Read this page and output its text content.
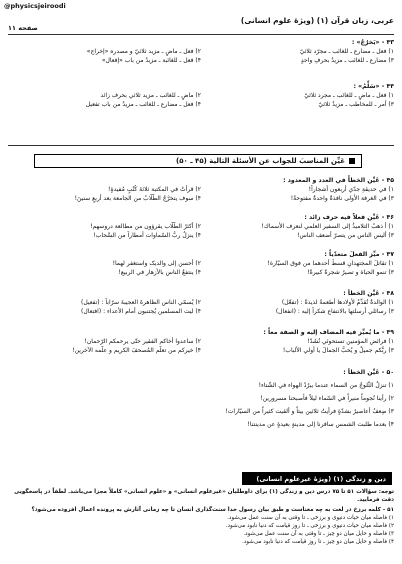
@physicsjeiroodi
عربی، زبان قرآن (۱) (ویژهٔ علوم انسانی)
صفحه ۱۱
۴۳ - «یَخرُجُ» :
۱) فعل ـ مضارع ـ للغائب ـ مجرّد ثلاثيّ
۲) فعل ـ ماضٍ ـ مزید ثلاثيّ و مصدره «إخراج»
۳) مضارع ـ للغائب ـ مزیدٌ بحرفِ واحدٍ
۴) فعل ـ للغائبة ـ مزیدٌ من باب «إفعال»
۴۴ - «سَلِّمْ» :
۱) فعل ـ ماضٍ ـ للغائب ـ مجرد ثلاثيّ
۲) ماضٍ ـ للغائب ـ مزید ثلاثي بحرف زائد
۳) أمر ـ للمخاطب ـ مزیدٌ ثلاثيّ
۴) فعل ـ مضارع ـ للغائب ـ مزیدٌ من باب تفعیل
عَیِّن المناسبَ للجواب عن الأسئلة التالیة (۴۵ ـ ۵۰)
۴۵ - عَیِّن الخطأَ في العدد و المعدود :
۱) في حدیقةِ جدّي أربعون أشجاراً!
۲) قرأتُ في المکتبة ثلاثةَ کُتُبٍ مُفیدةٍ!
۳) في الغرفة الأُولی نافذةٌ واحدةٌ مفتوحةٌ!
۴) سوف یتخرَّجُ الطُّلّابُ من الجامعة بعد أربعِ سنینَ!
۴۶ - عَیِّن فعلاً فیه حرف زائد :
۱) أ ذهبُ التلامیذُ إلی السفیر العلمي لنعرف الأسماك!
۲) أکثرُ الطُّلّاب یقرؤون من مطالعة دروسهم!
۳) ألیس الناس من یتصرّ أضعف الناس!
۴) ینزلُ ربُّ السّماوات أمطاراً من السَّحاب!
۴۷ - میِّز الفعلَ متعدّیاً :
۱) تقاتلَ المجتهدانِ قسطَ أحدهما من فوق السیّارة!
۲) أحسن إلی والدیک واستغفر لهما!
۳) تنمو الحیاة و تصیرُ شجرةً کبیرةً!
۴) ینتفعُ الناس بالأزهار في الربیع!
۴۸ - عَیِّن الخطأ :
۱) الوالدةُ تُقدِّمُ لأولادها أطعمةً لذیذةً : (تفعّل)
۲) یُسمّي الناس الظاهرةَ العجیبةَ سرّاباً : (تفعیل)
۳) رسائلي أرسلتها بالانتفاع شکراً إلیه : (انفعال)
۴) لیت المسلمین یُجتنبون أمام الأعداء : (افتعال)
۴۹ - ما یُمیِّز فیه المضاف إلیه و الصفة معاً :
۱) فرائض المؤمنین تستحوئي نُشَدّ!
۲) ساعدوا أخاکم الفقیر حتّی یرحمکم الرّحمان!
۳) ربُّکم جمیلٌ و یُحبُّ الجمالَ یا أُولي الألباب!
۴) خیرکم من تعلّم المُصحفَ الکریم و علّمه الآخرین!
۵۰ - عَیِّن الخطأ :
۱) تنزلُ الثّلوجُ من السماء عندما یبرُدُ الهواء في الشّتاء!
۲) رأینا نُجوماً منیراً في السّماء لیلاً فأصبحنا مسرورین!
۳) ضِعفُ أعاصیرُ بشدّةٍ فرأیتُ ثلاثین بیتاً و ألقیت کثیراً من السیّارات!
۴) بعدما طلبت الشمس سافرنا إلی مدینةٍ بعیدةٍ عن مدینتنا!
دین و زندگی (۱) (ویژهٔ غیرعلوم انسانی)
توجه: سؤالات ۵۱ تا ۷۵ درس دین و زندگی (۱) برای داوطلبان «غیرعلوم انسانی» و «علوم انسانی» کاملاً مجزا می‌باشد. لطفاً در پاسخگویی دقت فرمایید.
۵۱ - کلمه برزخ در لغت به چه معناست و طبق بیان رسول خدا سنت‌گذاری انسان تا چه زمانی آثارش به پرونده اعمال افزوده می‌شود؟
۱) فاصله میان حیات دنیوی و برزخی ـ تا وقتی به آن سنت عمل می‌شود.
۲) فاصله میان حیات دنیوی و برزخی ـ تا روز قیامت که دنیا نابود می‌شود.
۳) فاصله و حایل میان دو چیز ـ تا وقتی به آن سنت عمل می‌شود.
۴) فاصله و حایل میان دو چیز ـ تا روز قیامت که دنیا نابود می‌شود.
